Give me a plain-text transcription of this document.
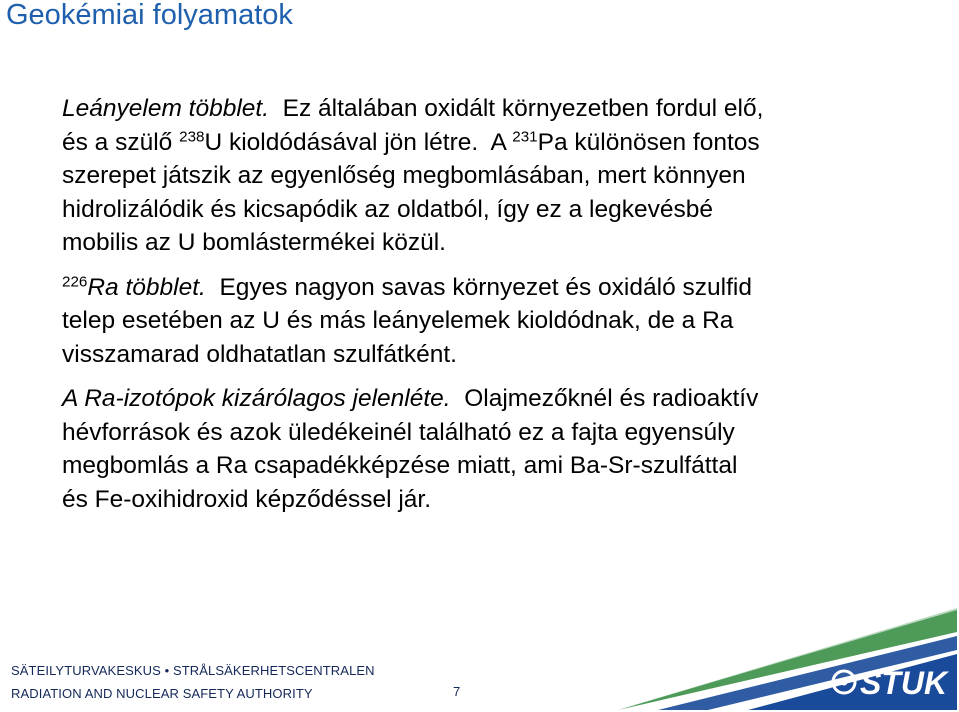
Geokémiai folyamatok

Leányelem többlet.  Ez általában oxidált környezetben fordul elő,
és a szülő $^{238}$U kioldódásával jön létre.  A $^{231}$Pa különösen fontos
szerepet játszik az egyenlőség megbomlásában, mert könnyen
hidrolizálódik és kicsapódik az oldatból, így ez a legkevésbé
mobilis az U bomlástermékei közül.

$^{226}$Ra többlet.  Egyes nagyon savas környezet és oxidáló szulfid
telep esetében az U és más leányelemek kioldódnak, de a Ra
visszamarad oldhatatlan szulfátként.

A Ra-izotópok kizárólagos jelenléte.  Olajmezőknél és radioaktív
hévforrások és azok üledékeinél található ez a fajta egyensúly
megbomlás a Ra csapadékképzése miatt, ami Ba-Sr-szulfáttal
és Fe-oxihidroxid képződéssel jár.

SÄTEILYTURVAKESKUS • STRÅLSÄKERHETSCENTRALEN
RADIATION AND NUCLEAR SAFETY AUTHORITY	7	STUK
